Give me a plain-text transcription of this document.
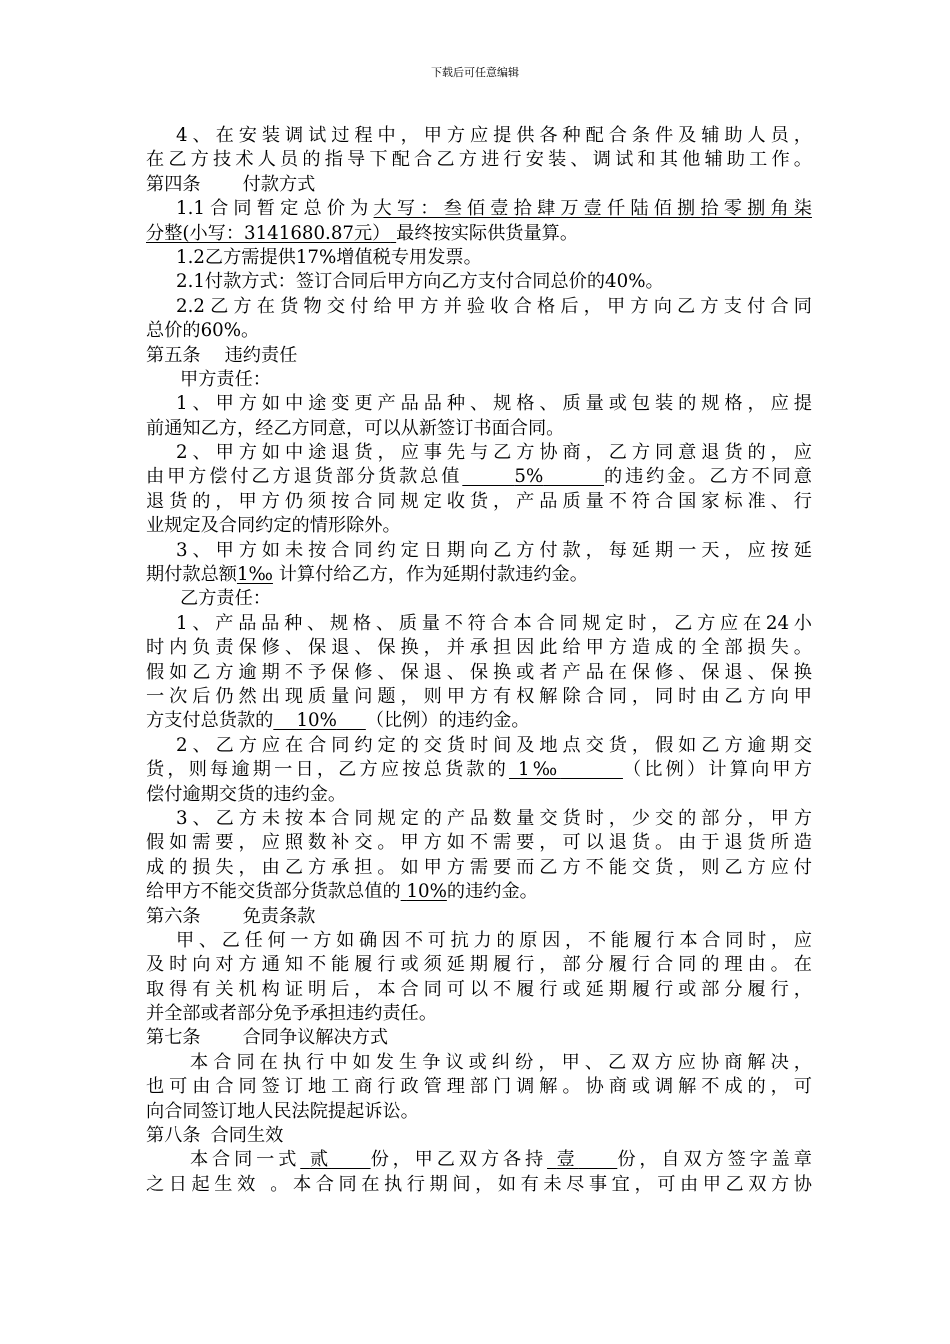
下载后可任意编辑
4、在安装调试过程中，甲方应提供各种配合条件及辅助人员，
在乙方技术人员的指导下配合乙方进行安装、调试和其他辅助工作。
第四条 付款方式
1.1合同暂定总价为大写：叁佰壹拾肆万壹仟陆佰捌拾零捌角柒
分整(小写：3141680.87元） 最终按实际供货量算。
1.2乙方需提供17%增值税专用发票。
2.1付款方式：签订合同后甲方向乙方支付合同总价的40%。
2.2乙方在货物交付给甲方并验收合格后，甲方向乙方支付合同
总价的60%。
第五条 违约责任
甲方责任：
1、甲方如中途变更产品品种、规格、质量或包装的规格，应提
前通知乙方，经乙方同意，可以从新签订书面合同。
2、甲方如中途退货，应事先与乙方协商，乙方同意退货的，应
由甲方偿付乙方退货部分货款总值	5%	的违约金。乙方不同意
退货的，甲方仍须按合同规定收货，产品质量不符合国家标准、行
业规定及合同约定的情形除外。
3、甲方如未按合同约定日期向乙方付款，每延期一天，应按延
期付款总额1‰ 计算付给乙方，作为延期付款违约金。
乙方责任：
1、产品品种、规格、质量不符合本合同规定时，乙方应在24小
时内负责保修、保退、保换，并承担因此给甲方造成的全部损失。
假如乙方逾期不予保修、保退、保换或者产品在保修、保退、保换
一次后仍然出现质量问题，则甲方有权解除合同，同时由乙方向甲
方支付总货款的 10% （比例）的违约金。
2、乙方应在合同约定的交货时间及地点交货，假如乙方逾期交
货，则每逾期一日，乙方应按总货款的 1‰	（比例）计算向甲方
偿付逾期交货的违约金。
3、乙方未按本合同规定的产品数量交货时，少交的部分，甲方
假如需要，应照数补交。甲方如不需要，可以退货。由于退货所造
成的损失，由乙方承担。如甲方需要而乙方不能交货，则乙方应付
给甲方不能交货部分货款总值的 10%的违约金。
第六条 免责条款
甲、乙任何一方如确因不可抗力的原因，不能履行本合同时，应
及时向对方通知不能履行或须延期履行，部分履行合同的理由。在
取得有关机构证明后，本合同可以不履行或延期履行或部分履行，
并全部或者部分免予承担违约责任。
第七条 合同争议解决方式
本合同在执行中如发生争议或纠纷，甲、乙双方应协商解决，
也可由合同签订地工商行政管理部门调解。协商或调解不成的，可
向合同签订地人民法院提起诉讼。
第八条 合同生效
本合同一式 贰 份，甲乙双方各持 壹 份，自双方签字盖章
之日起生效 。本合同在执行期间，如有未尽事宜，可由甲乙双方协
